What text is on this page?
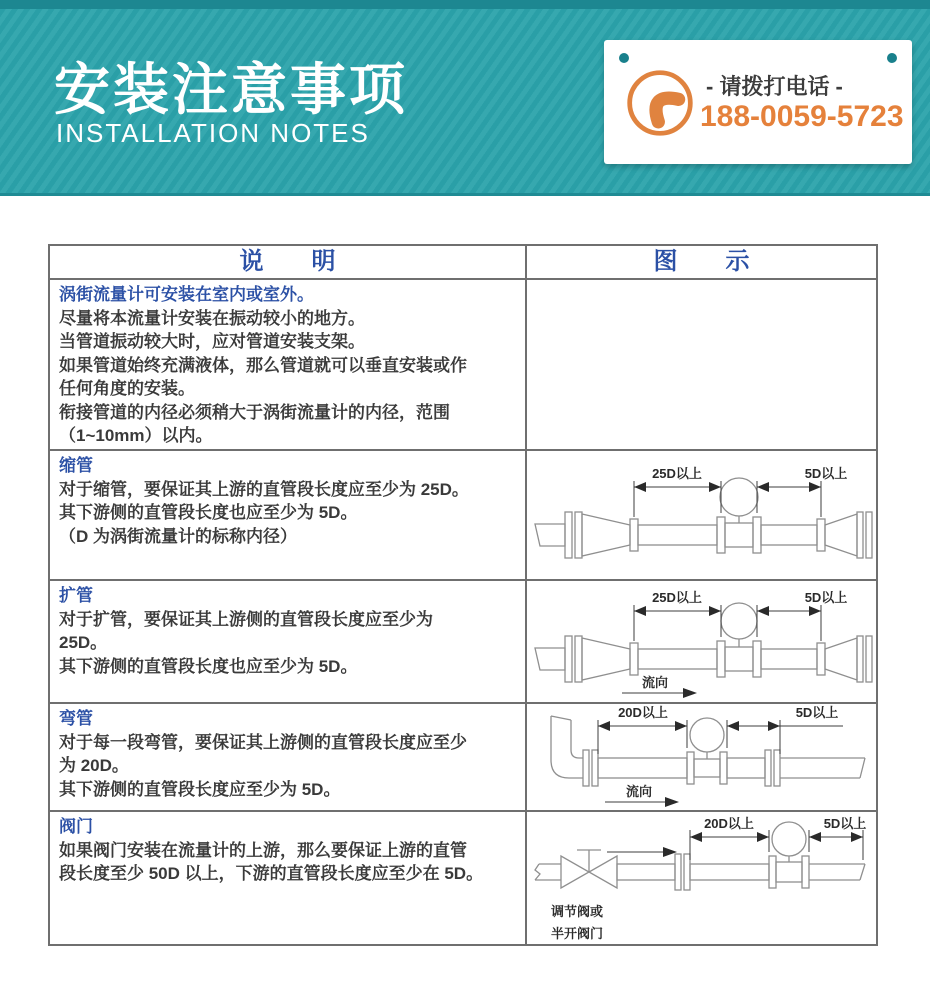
安装注意事项
INSTALLATION NOTES
- 请拨打电话 -
188-0059-5723
说　　明	图　　示
涡街流量计可安装在室内或室外。
尽量将本流量计安装在振动较小的地方。
当管道振动较大时，应对管道安装支架。
如果管道始终充满液体，那么管道就可以垂直安装或作
任何角度的安装。
衔接管道的内径必须稍大于涡街流量计的内径，范围
（1~10mm）以内。
缩管
对于缩管，要保证其上游的直管段长度应至少为 25D。
其下游侧的直管段长度也应至少为 5D。
（D 为涡街流量计的标称内径）
25D以上	5D以上
扩管
对于扩管，要保证其上游侧的直管段长度应至少为
25D。
其下游侧的直管段长度也应至少为 5D。
25D以上	5D以上
流向
弯管
对于每一段弯管，要保证其上游侧的直管段长度应至少
为 20D。
其下游侧的直管段长度应至少为 5D。
20D以上	5D以上
流向
阀门
如果阀门安装在流量计的上游，那么要保证上游的直管
段长度至少 50D 以上，下游的直管段长度应至少在 5D。
20D以上	5D以上
调节阀或
半开阀门
